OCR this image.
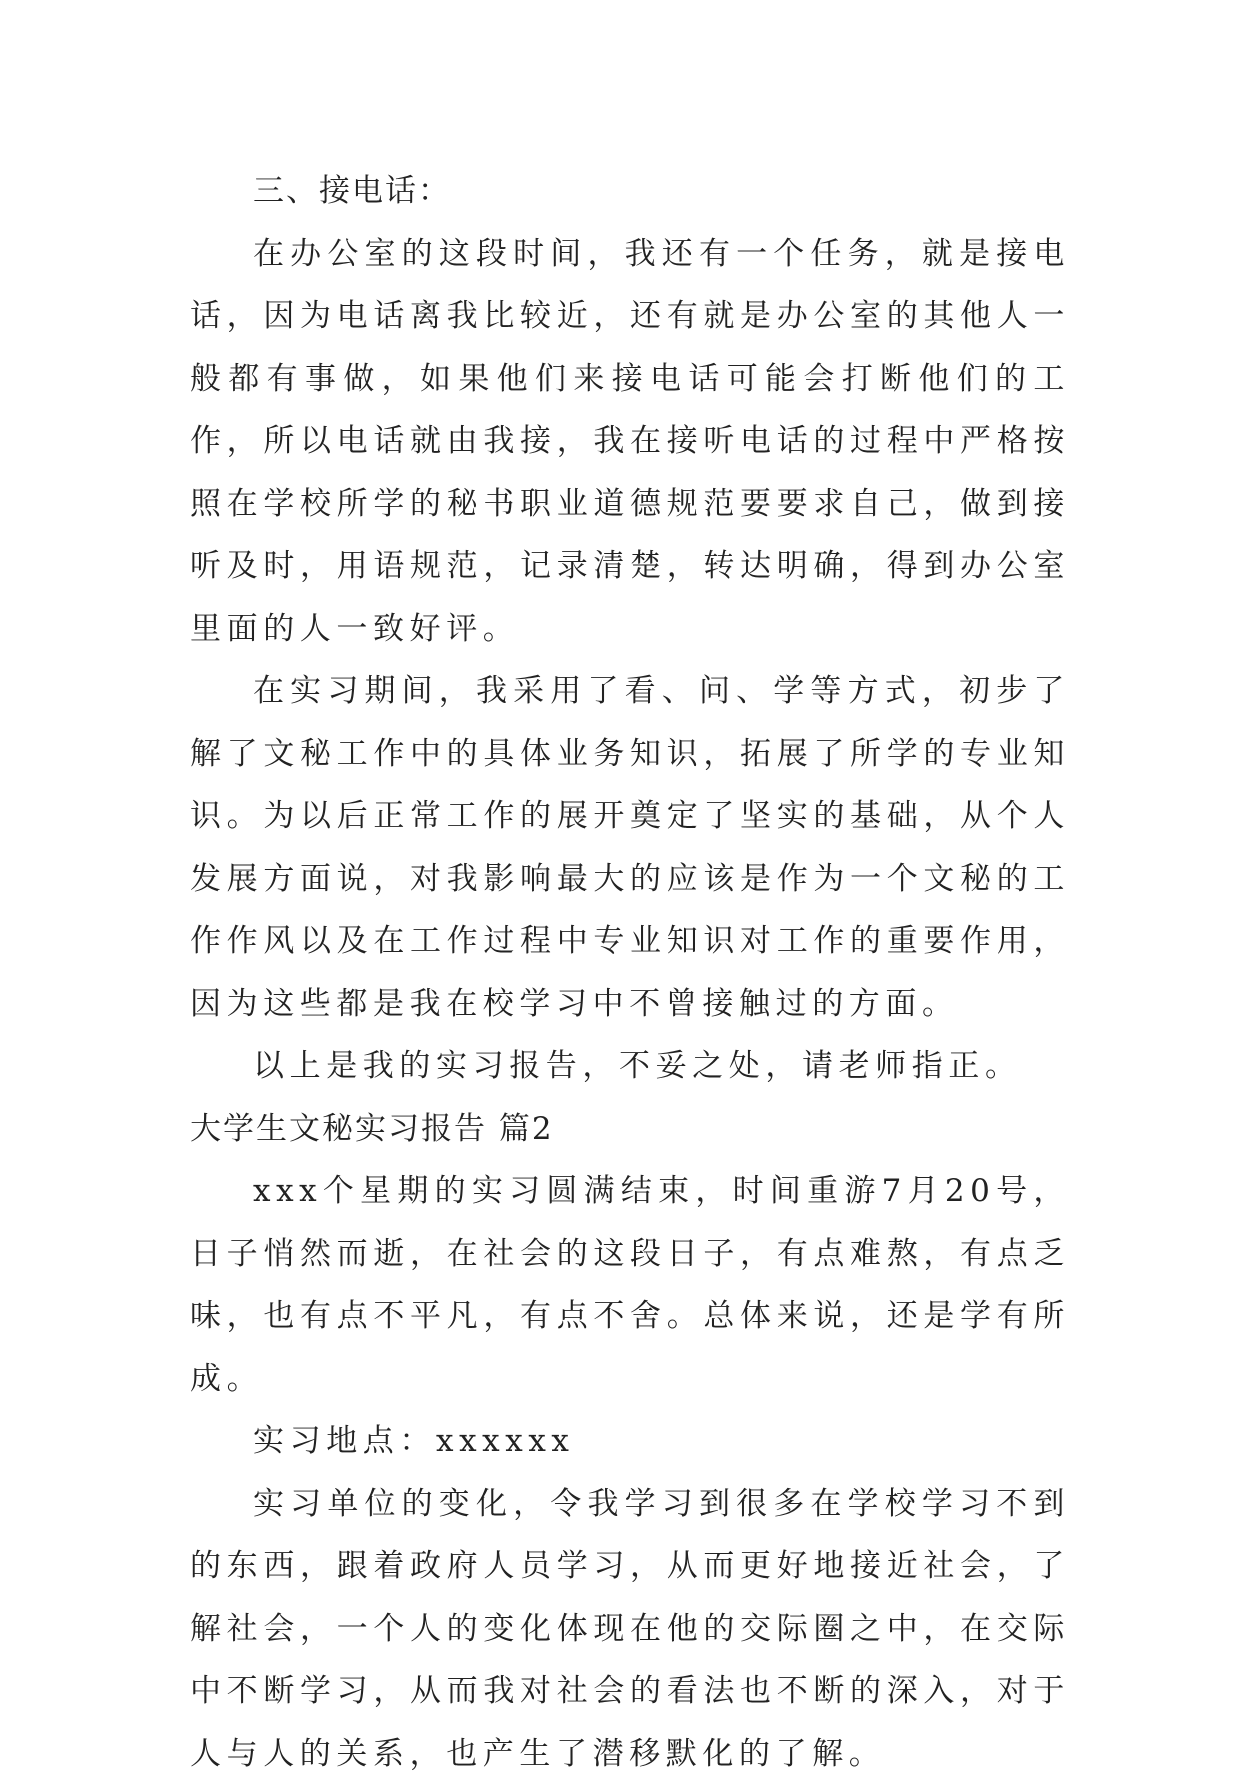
三、接电话：

在办公室的这段时间，我还有一个任务，就是接电话，因为电话离我比较近，还有就是办公室的其他人一般都有事做，如果他们来接电话可能会打断他们的工作，所以电话就由我接，我在接听电话的过程中严格按照在学校所学的秘书职业道德规范要要求自己，做到接听及时，用语规范，记录清楚，转达明确，得到办公室里面的人一致好评。

在实习期间，我采用了看、问、学等方式，初步了解了文秘工作中的具体业务知识，拓展了所学的专业知识。为以后正常工作的展开奠定了坚实的基础，从个人发展方面说，对我影响最大的应该是作为一个文秘的工作作风以及在工作过程中专业知识对工作的重要作用，因为这些都是我在校学习中不曾接触过的方面。

以上是我的实习报告，不妥之处，请老师指正。

大学生文秘实习报告 篇2

xxx个星期的实习圆满结束，时间重游7月20号，日子悄然而逝，在社会的这段日子，有点难熬，有点乏味，也有点不平凡，有点不舍。总体来说，还是学有所成。

实习地点：xxxxxx

实习单位的变化，令我学习到很多在学校学习不到的东西，跟着政府人员学习，从而更好地接近社会，了解社会，一个人的变化体现在他的交际圈之中，在交际中不断学习，从而我对社会的看法也不断的深入，对于人与人的关系，也产生了潜移默化的了解。
